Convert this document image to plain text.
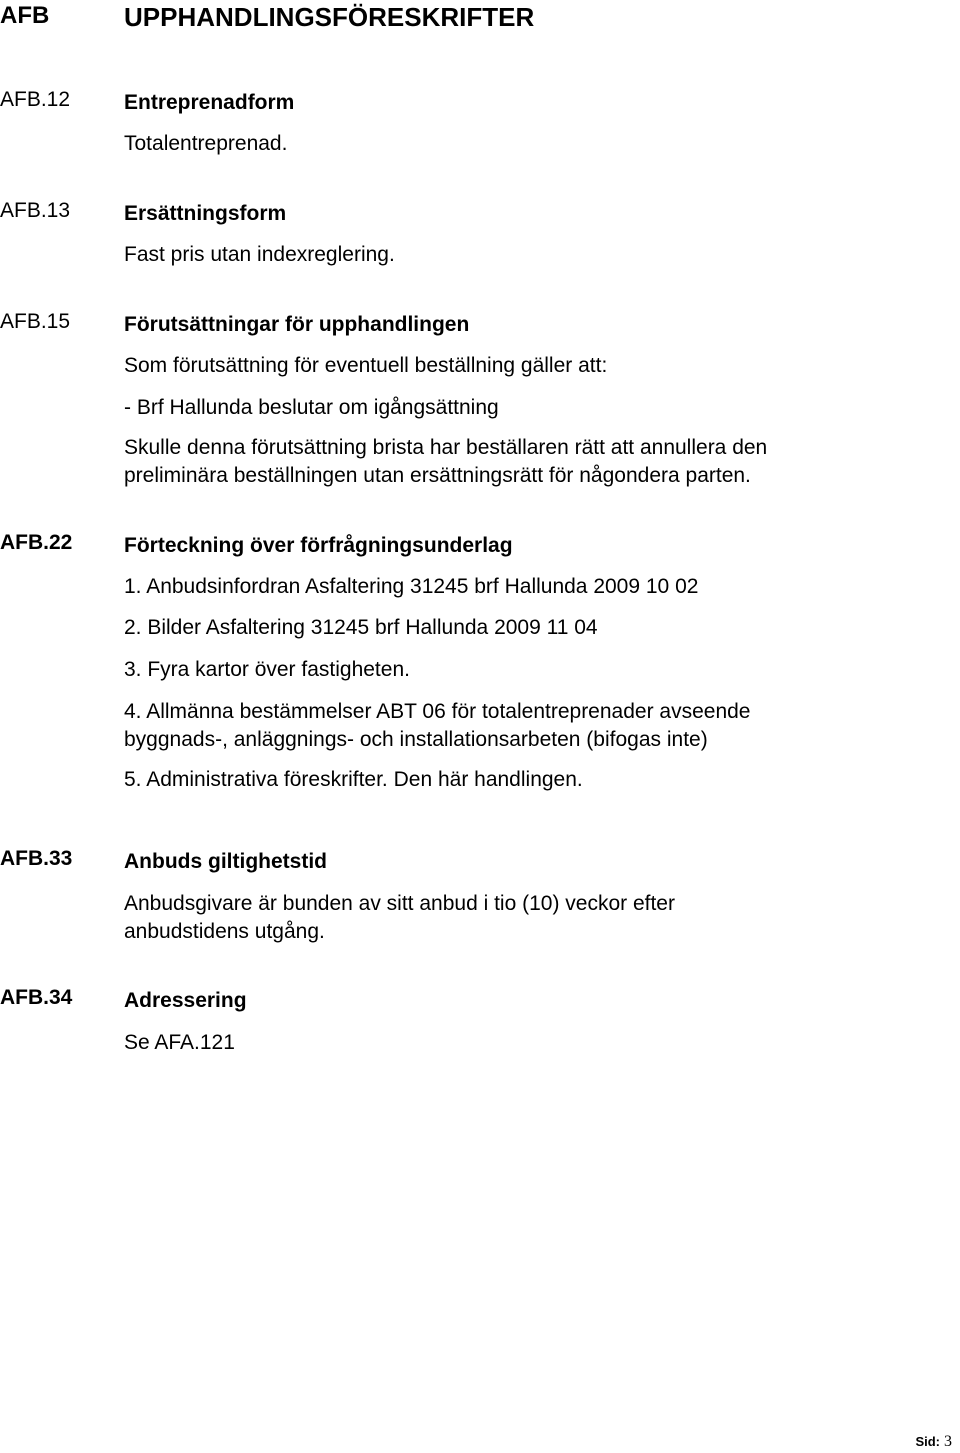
AFB	UPPHANDLINGSFÖRESKRIFTER
AFB.12	Entreprenadform
Totalentreprenad.
AFB.13	Ersättningsform
Fast pris utan indexreglering.
AFB.15	Förutsättningar för upphandlingen
Som förutsättning för eventuell beställning gäller att:
- Brf Hallunda beslutar om igångsättning
Skulle denna förutsättning brista har beställaren rätt att annullera den
preliminära beställningen utan ersättningsrätt för någondera parten.
AFB.22 Förteckning över förfrågningsunderlag
1. Anbudsinfordran Asfaltering 31245 brf Hallunda 2009 10 02
2. Bilder Asfaltering 31245 brf Hallunda 2009 11 04
3. Fyra kartor över fastigheten.
4. Allmänna bestämmelser ABT 06 för totalentreprenader avseende
byggnads-, anläggnings- och installationsarbeten (bifogas inte)
5. Administrativa föreskrifter. Den här handlingen.
AFB.33 Anbuds giltighetstid
Anbudsgivare är bunden av sitt anbud i tio (10) veckor efter
anbudstidens utgång.
AFB.34 Adressering
Se AFA.121
Sid: 3
